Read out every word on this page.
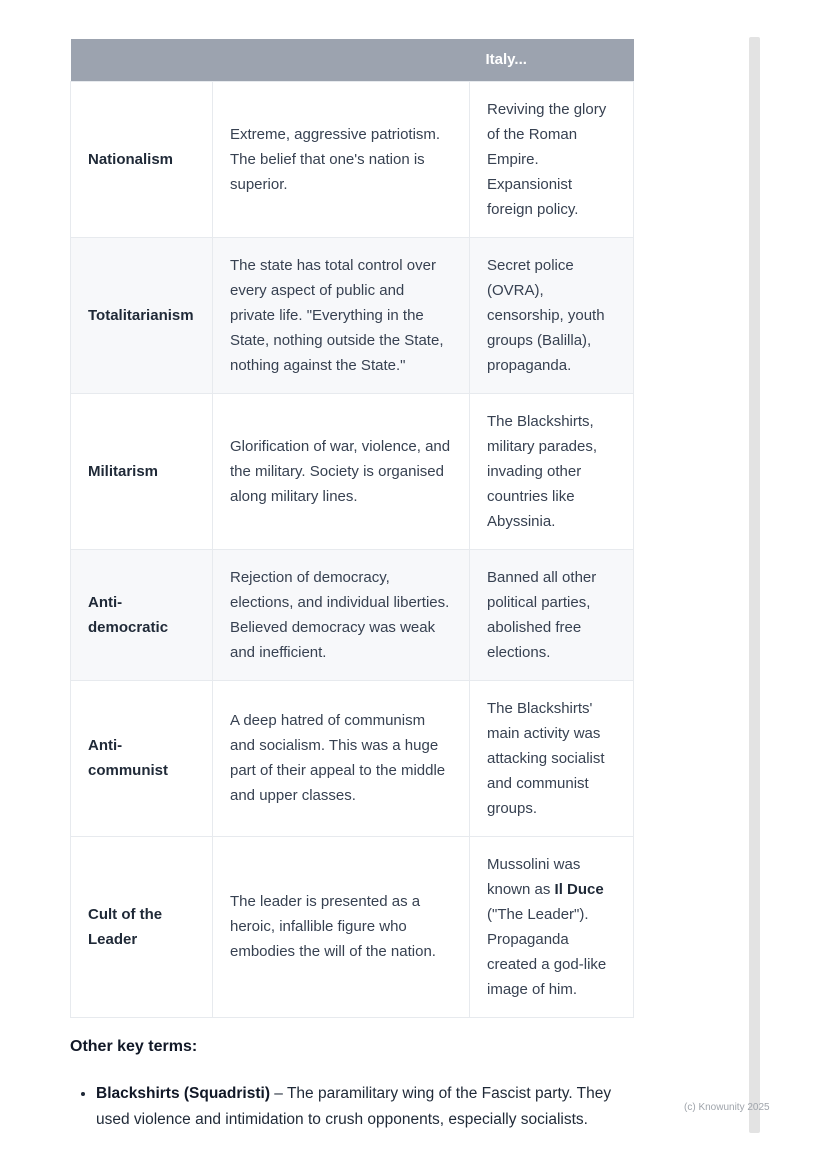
		Italy...
Nationalism	Extreme, aggressive patriotism. The belief that one's nation is superior.	Reviving the glory of the Roman Empire. Expansionist foreign policy.
Totalitarianism	The state has total control over every aspect of public and private life. "Everything in the State, nothing outside the State, nothing against the State."	Secret police (OVRA), censorship, youth groups (Balilla), propaganda.
Militarism	Glorification of war, violence, and the military. Society is organised along military lines.	The Blackshirts, military parades, invading other countries like Abyssinia.
Anti-democratic	Rejection of democracy, elections, and individual liberties. Believed democracy was weak and inefficient.	Banned all other political parties, abolished free elections.
Anti-communist	A deep hatred of communism and socialism. This was a huge part of their appeal to the middle and upper classes.	The Blackshirts' main activity was attacking socialist and communist groups.
Cult of the Leader	The leader is presented as a heroic, infallible figure who embodies the will of the nation.	Mussolini was known as Il Duce ("The Leader"). Propaganda created a god-like image of him.
Other key terms:
• Blackshirts (Squadristi) – The paramilitary wing of the Fascist party. They used violence and intimidation to crush opponents, especially socialists.
(c) Knowunity 2025
